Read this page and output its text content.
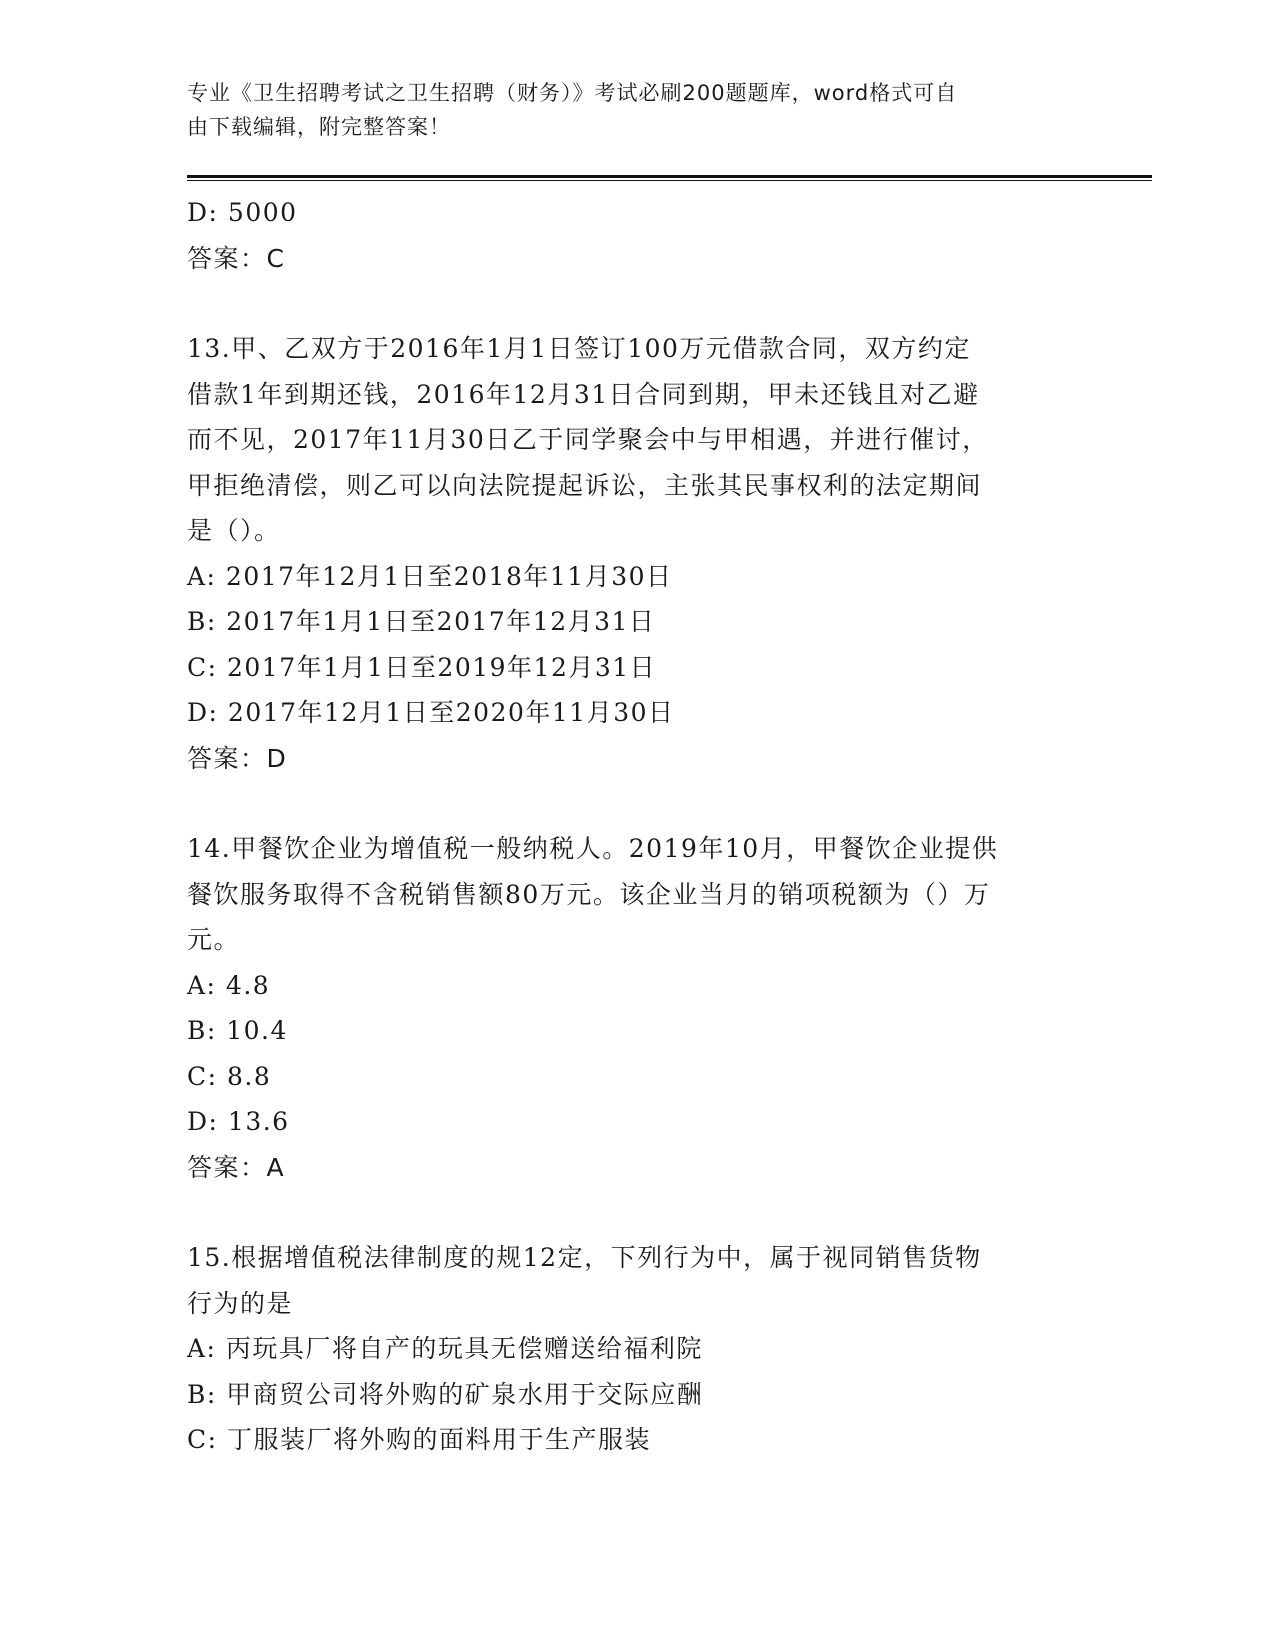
专业《卫生招聘考试之卫生招聘（财务）》考试必刷200题题库，word格式可自
由下载编辑，附完整答案！
D: 5000
答案：C
13.甲、乙双方于2016年1月1日签订100万元借款合同，双方约定
借款1年到期还钱，2016年12月31日合同到期，甲未还钱且对乙避
而不见，2017年11月30日乙于同学聚会中与甲相遇，并进行催讨，
甲拒绝清偿，则乙可以向法院提起诉讼，主张其民事权利的法定期间
是（）。
A: 2017年12月1日至2018年11月30日
B: 2017年1月1日至2017年12月31日
C: 2017年1月1日至2019年12月31日
D: 2017年12月1日至2020年11月30日
答案：D
14.甲餐饮企业为增值税一般纳税人。2019年10月，甲餐饮企业提供
餐饮服务取得不含税销售额80万元。该企业当月的销项税额为（）万
元。
A: 4.8
B: 10.4
C: 8.8
D: 13.6
答案：A
15.根据增值税法律制度的规12定，下列行为中，属于视同销售货物
行为的是
A: 丙玩具厂将自产的玩具无偿赠送给福利院
B: 甲商贸公司将外购的矿泉水用于交际应酬
C: 丁服装厂将外购的面料用于生产服装
